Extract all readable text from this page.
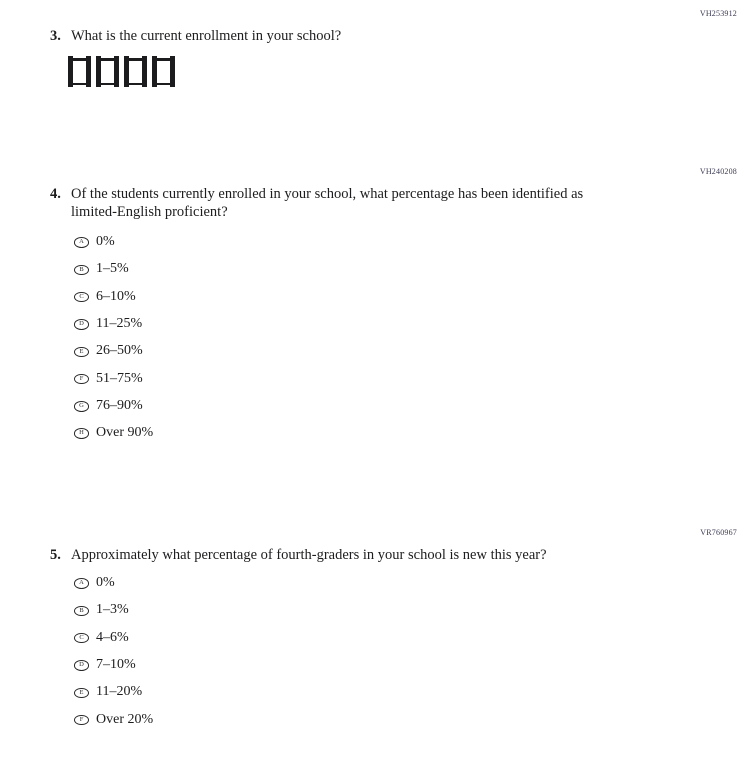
VH253912
3. What is the current enrollment in your school?
VH240208
4. Of the students currently enrolled in your school, what percentage has been identified as limited-English proficient?
A 0%
B 1–5%
C 6–10%
D 11–25%
E 26–50%
F 51–75%
G 76–90%
H Over 90%
VR760967
5. Approximately what percentage of fourth-graders in your school is new this year?
A 0%
B 1–3%
C 4–6%
D 7–10%
E 11–20%
F Over 20%
